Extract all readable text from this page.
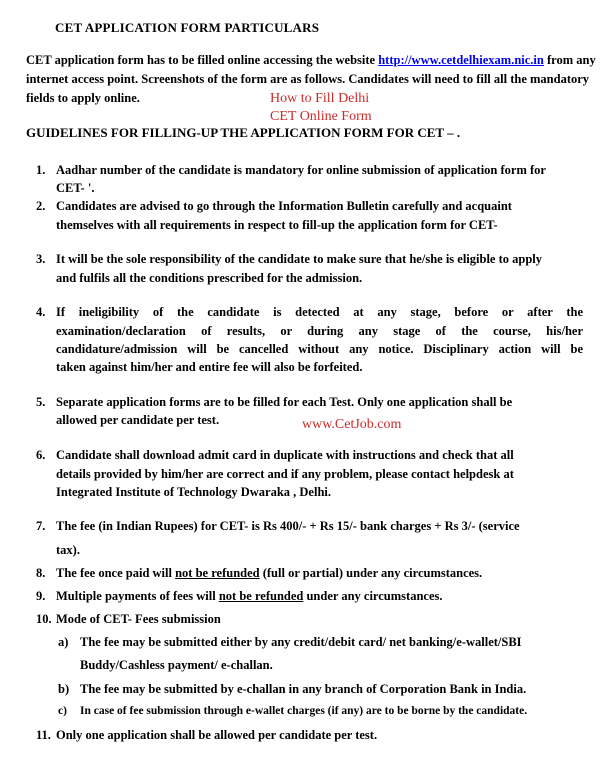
CET APPLICATION FORM PARTICULARS
CET application form has to be filled online accessing the website http://www.cetdelhiexam.nic.in from any internet access point. Screenshots of the form are as follows. Candidates will need to fill all the mandatory fields to apply online.	How to Fill Delhi
CET Online Form
GUIDELINES FOR FILLING-UP THE APPLICATION FORM FOR CET – .
1. Aadhar number of the candidate is mandatory for online submission of application form for
CET- '.
2. Candidates are advised to go through the Information Bulletin carefully and acquaint
themselves with all requirements in respect to fill-up the application form for CET-
3. It will be the sole responsibility of the candidate to make sure that he/she is eligible to apply
and fulfils all the conditions prescribed for the admission.
4. If ineligibility of the candidate is detected at any stage, before or after the
examination/declaration of results, or during any stage of the course, his/her
candidature/admission will be cancelled without any notice. Disciplinary action will be
taken against him/her and entire fee will also be forfeited.
5. Separate application forms are to be filled for each Test. Only one application shall be
allowed per candidate per test.	www.CetJob.com
6. Candidate shall download admit card in duplicate with instructions and check that all
details provided by him/her are correct and if any problem, please contact helpdesk at
Integrated Institute of Technology Dwaraka , Delhi.
7. The fee (in Indian Rupees) for CET- is Rs 400/- + Rs 15/- bank charges + Rs 3/- (service
tax).
8. The fee once paid will not be refunded (full or partial) under any circumstances.
9. Multiple payments of fees will not be refunded under any circumstances.
10. Mode of CET- Fees submission
a) The fee may be submitted either by any credit/debit card/ net banking/e-wallet/SBI
Buddy/Cashless payment/ e-challan.
b) The fee may be submitted by e-challan in any branch of Corporation Bank in India.
c) In case of fee submission through e-wallet charges (if any) are to be borne by the candidate.
11. Only one application shall be allowed per candidate per test.
